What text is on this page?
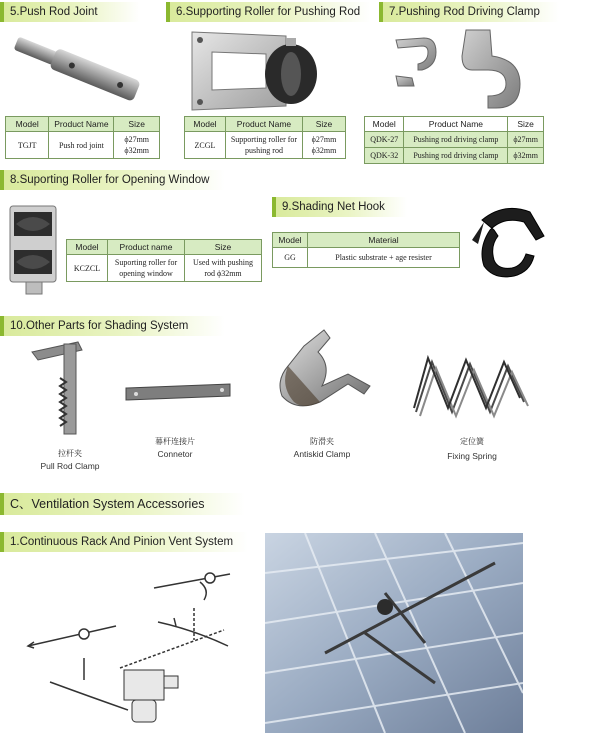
5.Push Rod Joint
Model	Product Name	Size
TGJT	Push rod joint	ϕ27mm
ϕ32mm
6.Supporting Roller for Pushing Rod
Model	Product Name	Size
ZCGL	Supporting roller for pushing rod	ϕ27mm
ϕ32mm
7.Pushing Rod Driving Clamp
Model	Product Name	Size
QDK-27	Pushing rod driving clamp	ϕ27mm
QDK-32	Pushing rod driving clamp	ϕ32mm
8.Suporting Roller for Opening Window
Model	Product name	Size
KCZCL	Suporting roller for opening window	Used with pushing rod ϕ32mm
9.Shading Net Hook
Model	Material
GG	Plastic substrate + age resister
10.Other Parts for Shading System
拉杆夹
Pull Rod Clamp
幕杆连接片
Connetor
防滑夹
Antiskid Clamp
定位簧
Fixing Spring
C、Ventilation System Accessories
1.Continuous Rack And Pinion Vent System
